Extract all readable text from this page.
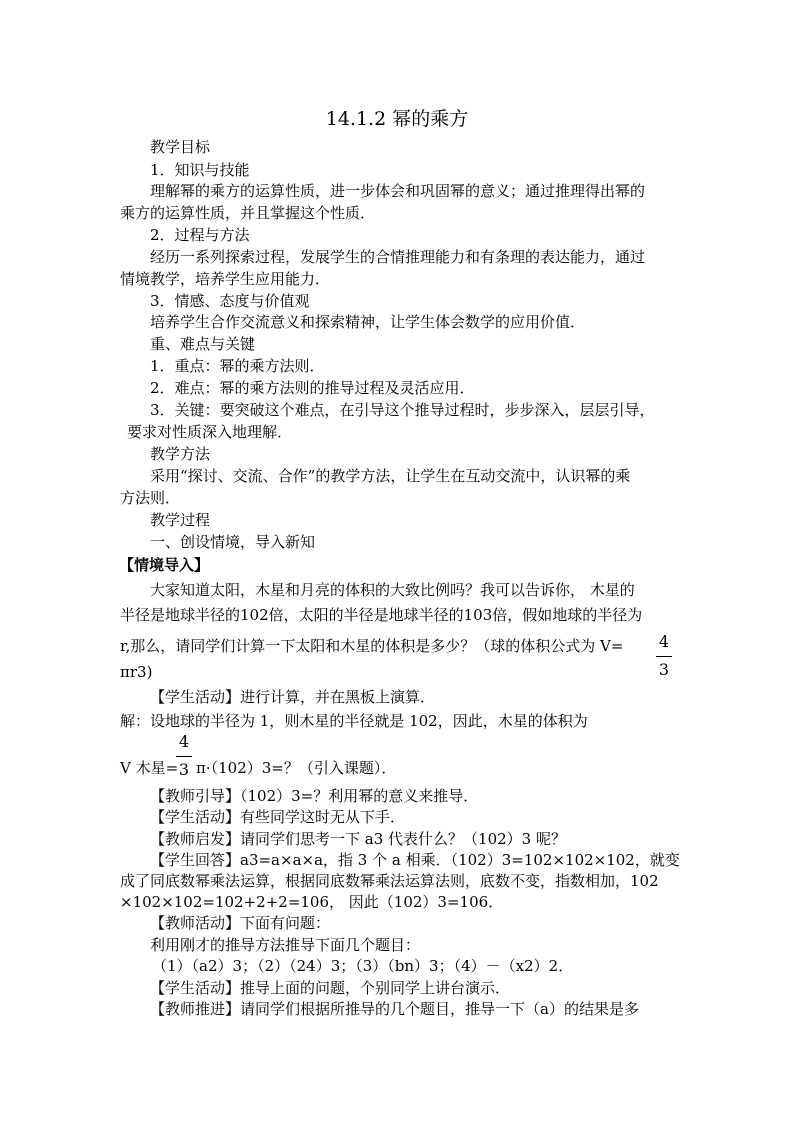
14.1.2 幂的乘方
教学目标
1．知识与技能
理解幂的乘方的运算性质，进一步体会和巩固幂的意义；通过推理得出幂的
乘方的运算性质，并且掌握这个性质．
2．过程与方法
经历一系列探索过程，发展学生的合情推理能力和有条理的表达能力，通过
情境教学，培养学生应用能力．
3．情感、态度与价值观
培养学生合作交流意义和探索精神，让学生体会数学的应用价值．
重、难点与关键
1．重点：幂的乘方法则．
2．难点：幂的乘方法则的推导过程及灵活应用．
3．关键：要突破这个难点，在引导这个推导过程时，步步深入，层层引导，
要求对性质深入地理解．
教学方法
采用“探讨、交流、合作”的教学方法，让学生在互动交流中，认识幂的乘
方法则．
教学过程
一、创设情境，导入新知
【情境导入】
大家知道太阳，木星和月亮的体积的大致比例吗？我可以告诉你， 木星的
半径是地球半径的102倍，太阳的半径是地球半径的103倍，假如地球的半径为
4
3
r,那么，请同学们计算一下太阳和木星的体积是多少？（球的体积公式为 V=
πr3)
【学生活动】进行计算，并在黑板上演算．
解：设地球的半径为 1，则木星的半径就是 102，因此，木星的体积为
4
3
V 木星= π·（102）3=？（引入课题）．
【教师引导】（102）3=？利用幂的意义来推导．
【学生活动】有些同学这时无从下手．
【教师启发】请同学们思考一下 a3 代表什么？（102）3 呢？
【学生回答】a3=a×a×a，指 3 个 a 相乘．（102）3=102×102×102，就变
成了同底数幂乘法运算，根据同底数幂乘法运算法则，底数不变，指数相加，102
×102×102=102+2+2=106， 因此（102）3=106．
【教师活动】下面有问题：
利用刚才的推导方法推导下面几个题目：
（1）（a2）3；（2）（24）3；（3）（bn）3；（4）－（x2）2．
【学生活动】推导上面的问题，个别同学上讲台演示．
【教师推进】请同学们根据所推导的几个题目，推导一下（a）的结果是多
